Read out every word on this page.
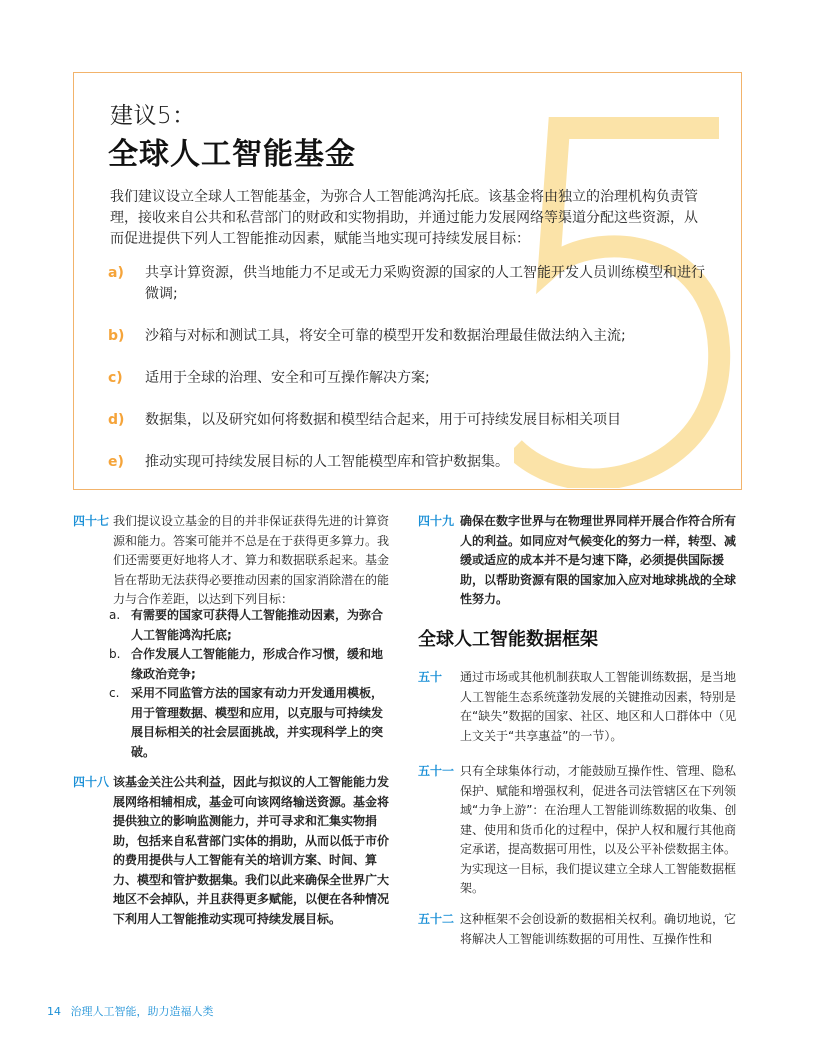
5
建议5：
全球人工智能基金
我们建议设立全球人工智能基金，为弥合人工智能鸿沟托底。该基金将由独立的治理机构负责管理，接收来自公共和私营部门的财政和实物捐助，并通过能力发展网络等渠道分配这些资源，从而促进提供下列人工智能推动因素，赋能当地实现可持续发展目标：
a) 共享计算资源，供当地能力不足或无力采购资源的国家的人工智能开发人员训练模型和进行微调;
b) 沙箱与对标和测试工具，将安全可靠的模型开发和数据治理最佳做法纳入主流;
c) 适用于全球的治理、安全和可互操作解决方案;
d) 数据集，以及研究如何将数据和模型结合起来，用于可持续发展目标相关项目
e) 推动实现可持续发展目标的人工智能模型库和管护数据集。
四十七 我们提议设立基金的目的并非保证获得先进的计算资源和能力。答案可能并不总是在于获得更多算力。我们还需要更好地将人才、算力和数据联系起来。基金旨在帮助无法获得必要推动因素的国家消除潜在的能力与合作差距，以达到下列目标：
a. 有需要的国家可获得人工智能推动因素，为弥合人工智能鸿沟托底;
b. 合作发展人工智能能力，形成合作习惯，缓和地缘政治竞争;
c. 采用不同监管方法的国家有动力开发通用模板，用于管理数据、模型和应用，以克服与可持续发展目标相关的社会层面挑战，并实现科学上的突破。
四十八 该基金关注公共利益，因此与拟议的人工智能能力发展网络相辅相成，基金可向该网络输送资源。基金将提供独立的影响监测能力，并可寻求和汇集实物捐助，包括来自私营部门实体的捐助，从而以低于市价的费用提供与人工智能有关的培训方案、时间、算力、模型和管护数据集。我们以此来确保全世界广大地区不会掉队，并且获得更多赋能，以便在各种情况下利用人工智能推动实现可持续发展目标。
四十九 确保在数字世界与在物理世界同样开展合作符合所有人的利益。如同应对气候变化的努力一样，转型、减缓或适应的成本并不是匀速下降，必须提供国际援助，以帮助资源有限的国家加入应对地球挑战的全球性努力。
全球人工智能数据框架
五十 通过市场或其他机制获取人工智能训练数据，是当地人工智能生态系统蓬勃发展的关键推动因素，特别是在“缺失”数据的国家、社区、地区和人口群体中（见上文关于“共享惠益”的一节）。
五十一 只有全球集体行动，才能鼓励互操作性、管理、隐私保护、赋能和增强权利，促进各司法管辖区在下列领域“力争上游”：在治理人工智能训练数据的收集、创建、使用和货币化的过程中，保护人权和履行其他商定承诺，提高数据可用性，以及公平补偿数据主体。为实现这一目标，我们提议建立全球人工智能数据框架。
五十二 这种框架不会创设新的数据相关权利。确切地说，它将解决人工智能训练数据的可用性、互操作性和
14 治理人工智能，助力造福人类
